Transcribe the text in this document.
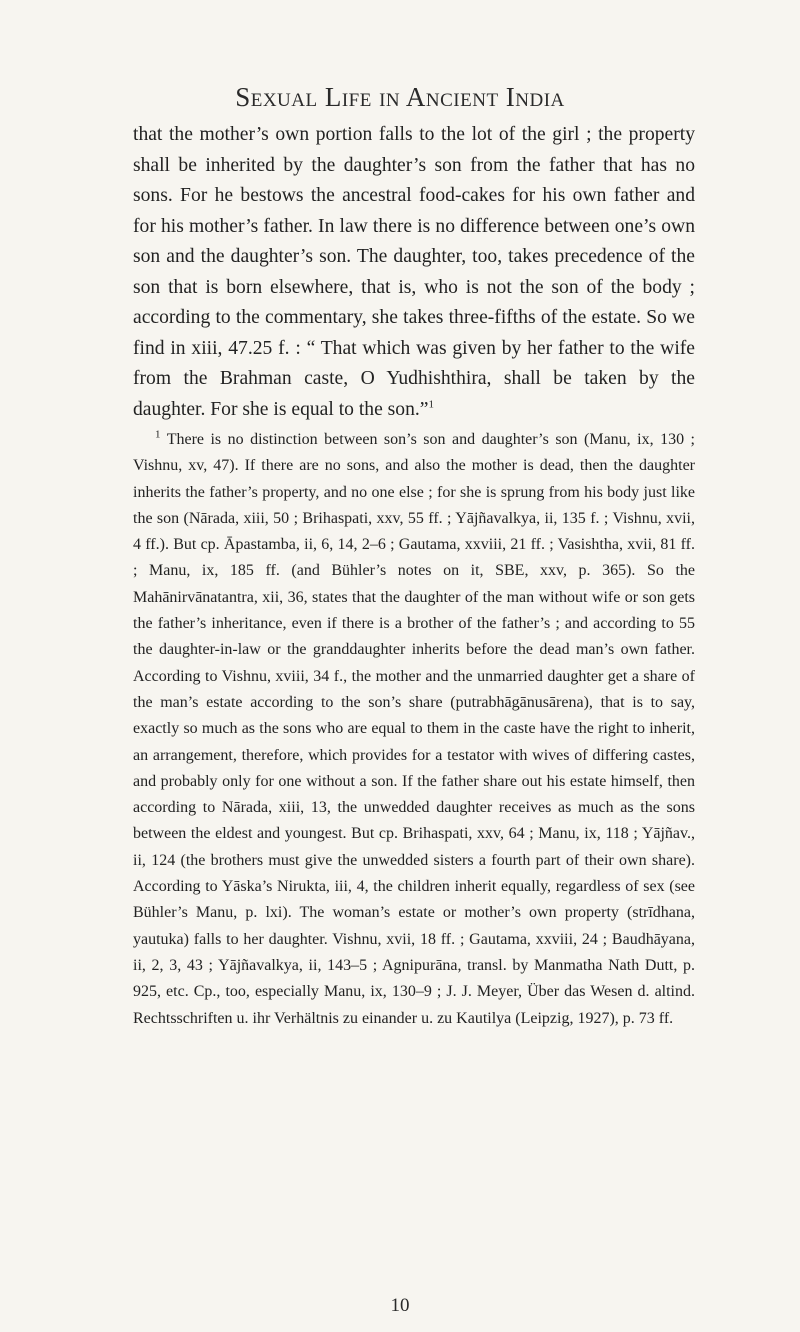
Sexual Life in Ancient India

that the mother’s own portion falls to the lot of the girl ; the property shall be inherited by the daughter’s son from the father that has no sons. For he bestows the ancestral food-cakes for his own father and for his mother’s father. In law there is no difference between one’s own son and the daughter’s son. The daughter, too, takes precedence of the son that is born elsewhere, that is, who is not the son of the body ; according to the commentary, she takes three-fifths of the estate. So we find in xiii, 47.25 f. : “ That which was given by her father to the wife from the Brahman caste, O Yudhishthira, shall be taken by the daughter. For she is equal to the son.”$^1$

$^1$ There is no distinction between son’s son and daughter’s son (Manu, ix, 130 ; Vishnu, xv, 47). If there are no sons, and also the mother is dead, then the daughter inherits the father’s property, and no one else ; for she is sprung from his body just like the son (Nārada, xiii, 50 ; Brihaspati, xxv, 55 ff. ; Yājñavalkya, ii, 135 f. ; Vishnu, xvii, 4 ff.). But cp. Āpastamba, ii, 6, 14, 2–6 ; Gautama, xxviii, 21 ff. ; Vasishtha, xvii, 81 ff. ; Manu, ix, 185 ff. (and Bühler’s notes on it, SBE, xxv, p. 365). So the Mahānirvānatantra, xii, 36, states that the daughter of the man without wife or son gets the father’s inheritance, even if there is a brother of the father’s ; and according to 55 the daughter-in-law or the granddaughter inherits before the dead man’s own father. According to Vishnu, xviii, 34 f., the mother and the unmarried daughter get a share of the man’s estate according to the son’s share (putrabhāgānusārena), that is to say, exactly so much as the sons who are equal to them in the caste have the right to inherit, an arrangement, therefore, which provides for a testator with wives of differing castes, and probably only for one without a son. If the father share out his estate himself, then according to Nārada, xiii, 13, the unwedded daughter receives as much as the sons between the eldest and youngest. But cp. Brihaspati, xxv, 64 ; Manu, ix, 118 ; Yājñav., ii, 124 (the brothers must give the unwedded sisters a fourth part of their own share). According to Yāska’s Nirukta, iii, 4, the children inherit equally, regardless of sex (see Bühler’s Manu, p. lxi). The woman’s estate or mother’s own property (strīdhana, yautuka) falls to her daughter. Vishnu, xvii, 18 ff. ; Gautama, xxviii, 24 ; Baudhāyana, ii, 2, 3, 43 ; Yājñavalkya, ii, 143–5 ; Agnipurāna, transl. by Manmatha Nath Dutt, p. 925, etc. Cp., too, especially Manu, ix, 130–9 ; J. J. Meyer, Über das Wesen d. altind. Rechtsschriften u. ihr Verhältnis zu einander u. zu Kautilya (Leipzig, 1927), p. 73 ff.

10
